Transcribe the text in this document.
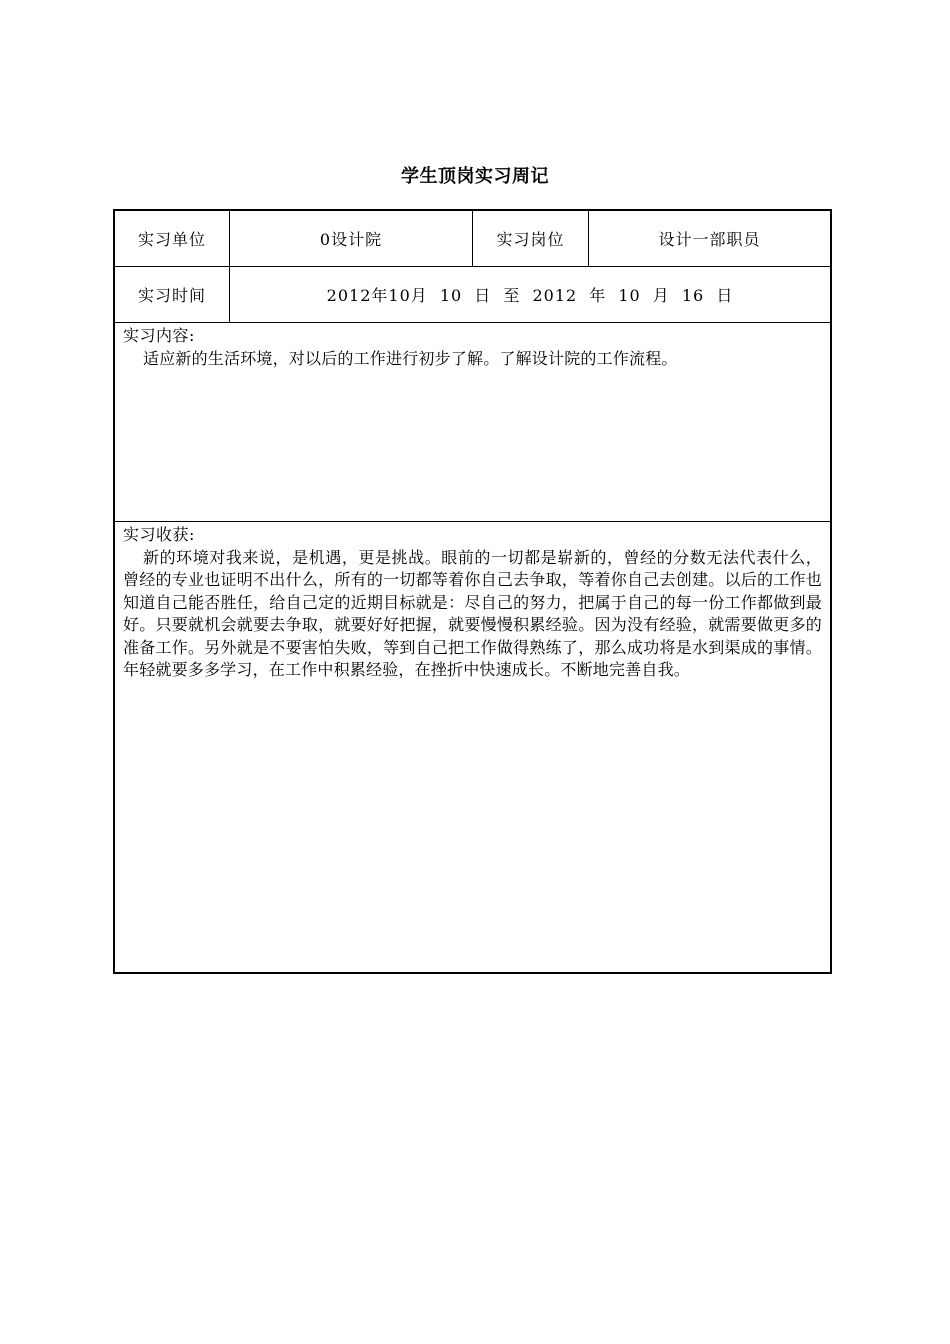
学生顶岗实习周记
实习单位	0设计院	实习岗位	设计一部职员
实习时间	2012年10月 10 日 至 2012 年 10 月 16 日
实习内容:
适应新的生活环境，对以后的工作进行初步了解。了解设计院的工作流程。
实习收获:
新的环境对我来说，是机遇，更是挑战。眼前的一切都是崭新的，曾经的分数无法代表什么，曾经的专业也证明不出什么，所有的一切都等着你自己去争取，等着你自己去创建。以后的工作也知道自己能否胜任，给自己定的近期目标就是：尽自己的努力，把属于自己的每一份工作都做到最好。只要就机会就要去争取，就要好好把握，就要慢慢积累经验。因为没有经验，就需要做更多的准备工作。另外就是不要害怕失败，等到自己把工作做得熟练了，那么成功将是水到渠成的事情。年轻就要多多学习，在工作中积累经验，在挫折中快速成长。不断地完善自我。
